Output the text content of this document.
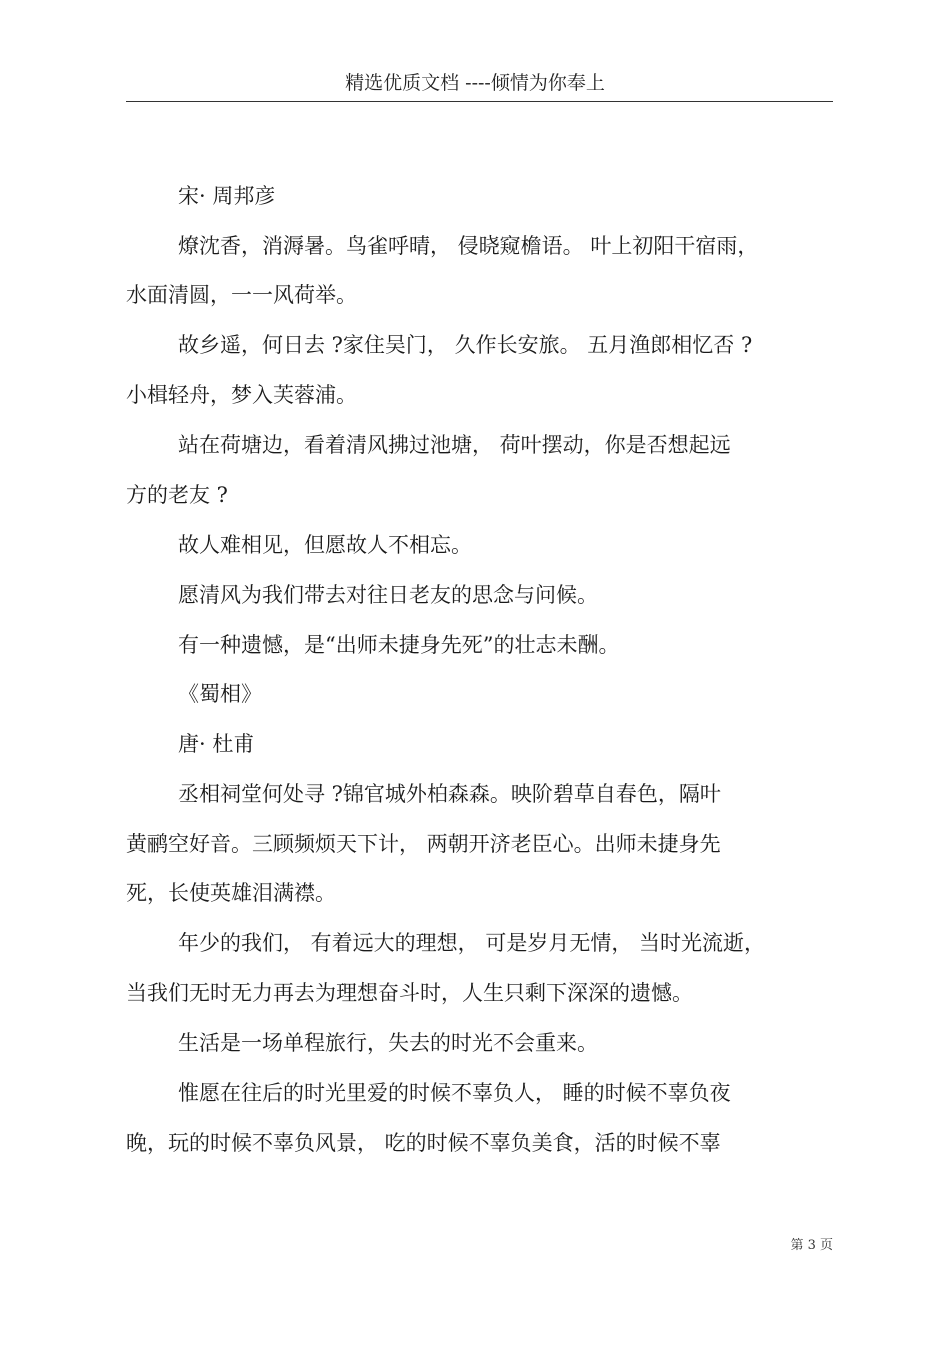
精选优质文档 ----倾情为你奉上
宋· 周邦彦
燎沈香，消溽暑。鸟雀呼晴， 侵晓窥檐语。 叶上初阳干宿雨，
水面清圆，一一风荷举。
故乡遥，何日去 ?家住吴门， 久作长安旅。 五月渔郎相忆否 ?
小楫轻舟，梦入芙蓉浦。
站在荷塘边，看着清风拂过池塘， 荷叶摆动，你是否想起远
方的老友 ?
故人难相见，但愿故人不相忘。
愿清风为我们带去对往日老友的思念与问候。
有一种遗憾，是“出师未捷身先死”的壮志未酬。
《蜀相》
唐· 杜甫
丞相祠堂何处寻 ?锦官城外柏森森。映阶碧草自春色，隔叶
黄鹂空好音。三顾频烦天下计， 两朝开济老臣心。出师未捷身先
死，长使英雄泪满襟。
年少的我们， 有着远大的理想， 可是岁月无情， 当时光流逝，
当我们无时无力再去为理想奋斗时，人生只剩下深深的遗憾。
生活是一场单程旅行，失去的时光不会重来。
惟愿在往后的时光里爱的时候不辜负人， 睡的时候不辜负夜
晚，玩的时候不辜负风景， 吃的时候不辜负美食，活的时候不辜
第 3 页
